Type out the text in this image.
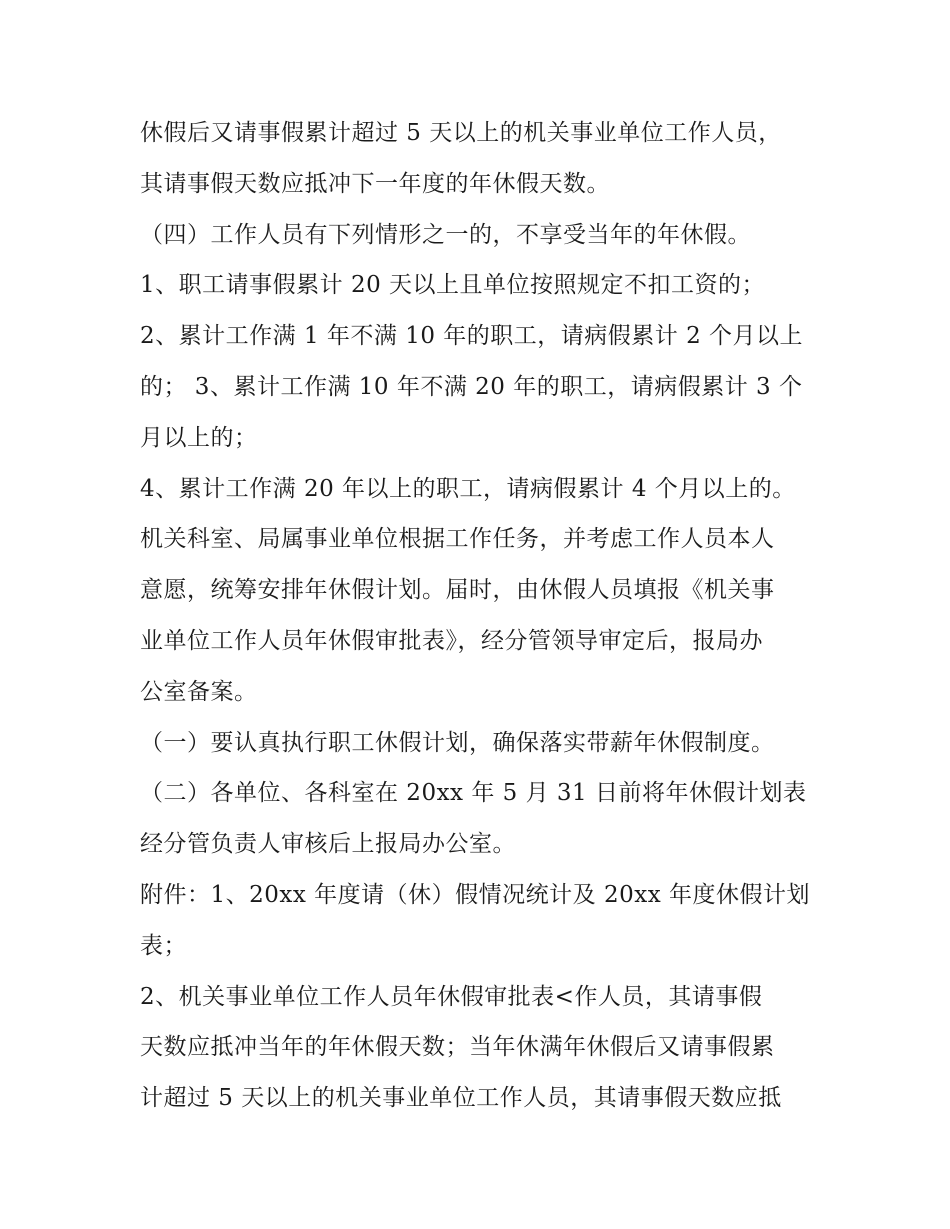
休假后又请事假累计超过 5 天以上的机关事业单位工作人员，
其请事假天数应抵冲下一年度的年休假天数。
（四）工作人员有下列情形之一的，不享受当年的年休假。
1、职工请事假累计 20 天以上且单位按照规定不扣工资的；
2、累计工作满 1 年不满 10 年的职工，请病假累计 2 个月以上
的； 3、累计工作满 10 年不满 20 年的职工，请病假累计 3 个
月以上的；
4、累计工作满 20 年以上的职工，请病假累计 4 个月以上的。
机关科室、局属事业单位根据工作任务，并考虑工作人员本人
意愿，统筹安排年休假计划。届时，由休假人员填报《机关事
业单位工作人员年休假审批表》，经分管领导审定后，报局办
公室备案。
（一）要认真执行职工休假计划，确保落实带薪年休假制度。
（二）各单位、各科室在 20xx 年 5 月 31 日前将年休假计划表
经分管负责人审核后上报局办公室。
附件：1、20xx 年度请（休）假情况统计及 20xx 年度休假计划
表；
2、机关事业单位工作人员年休假审批表<作人员，其请事假
天数应抵冲当年的年休假天数；当年休满年休假后又请事假累
计超过 5 天以上的机关事业单位工作人员，其请事假天数应抵
